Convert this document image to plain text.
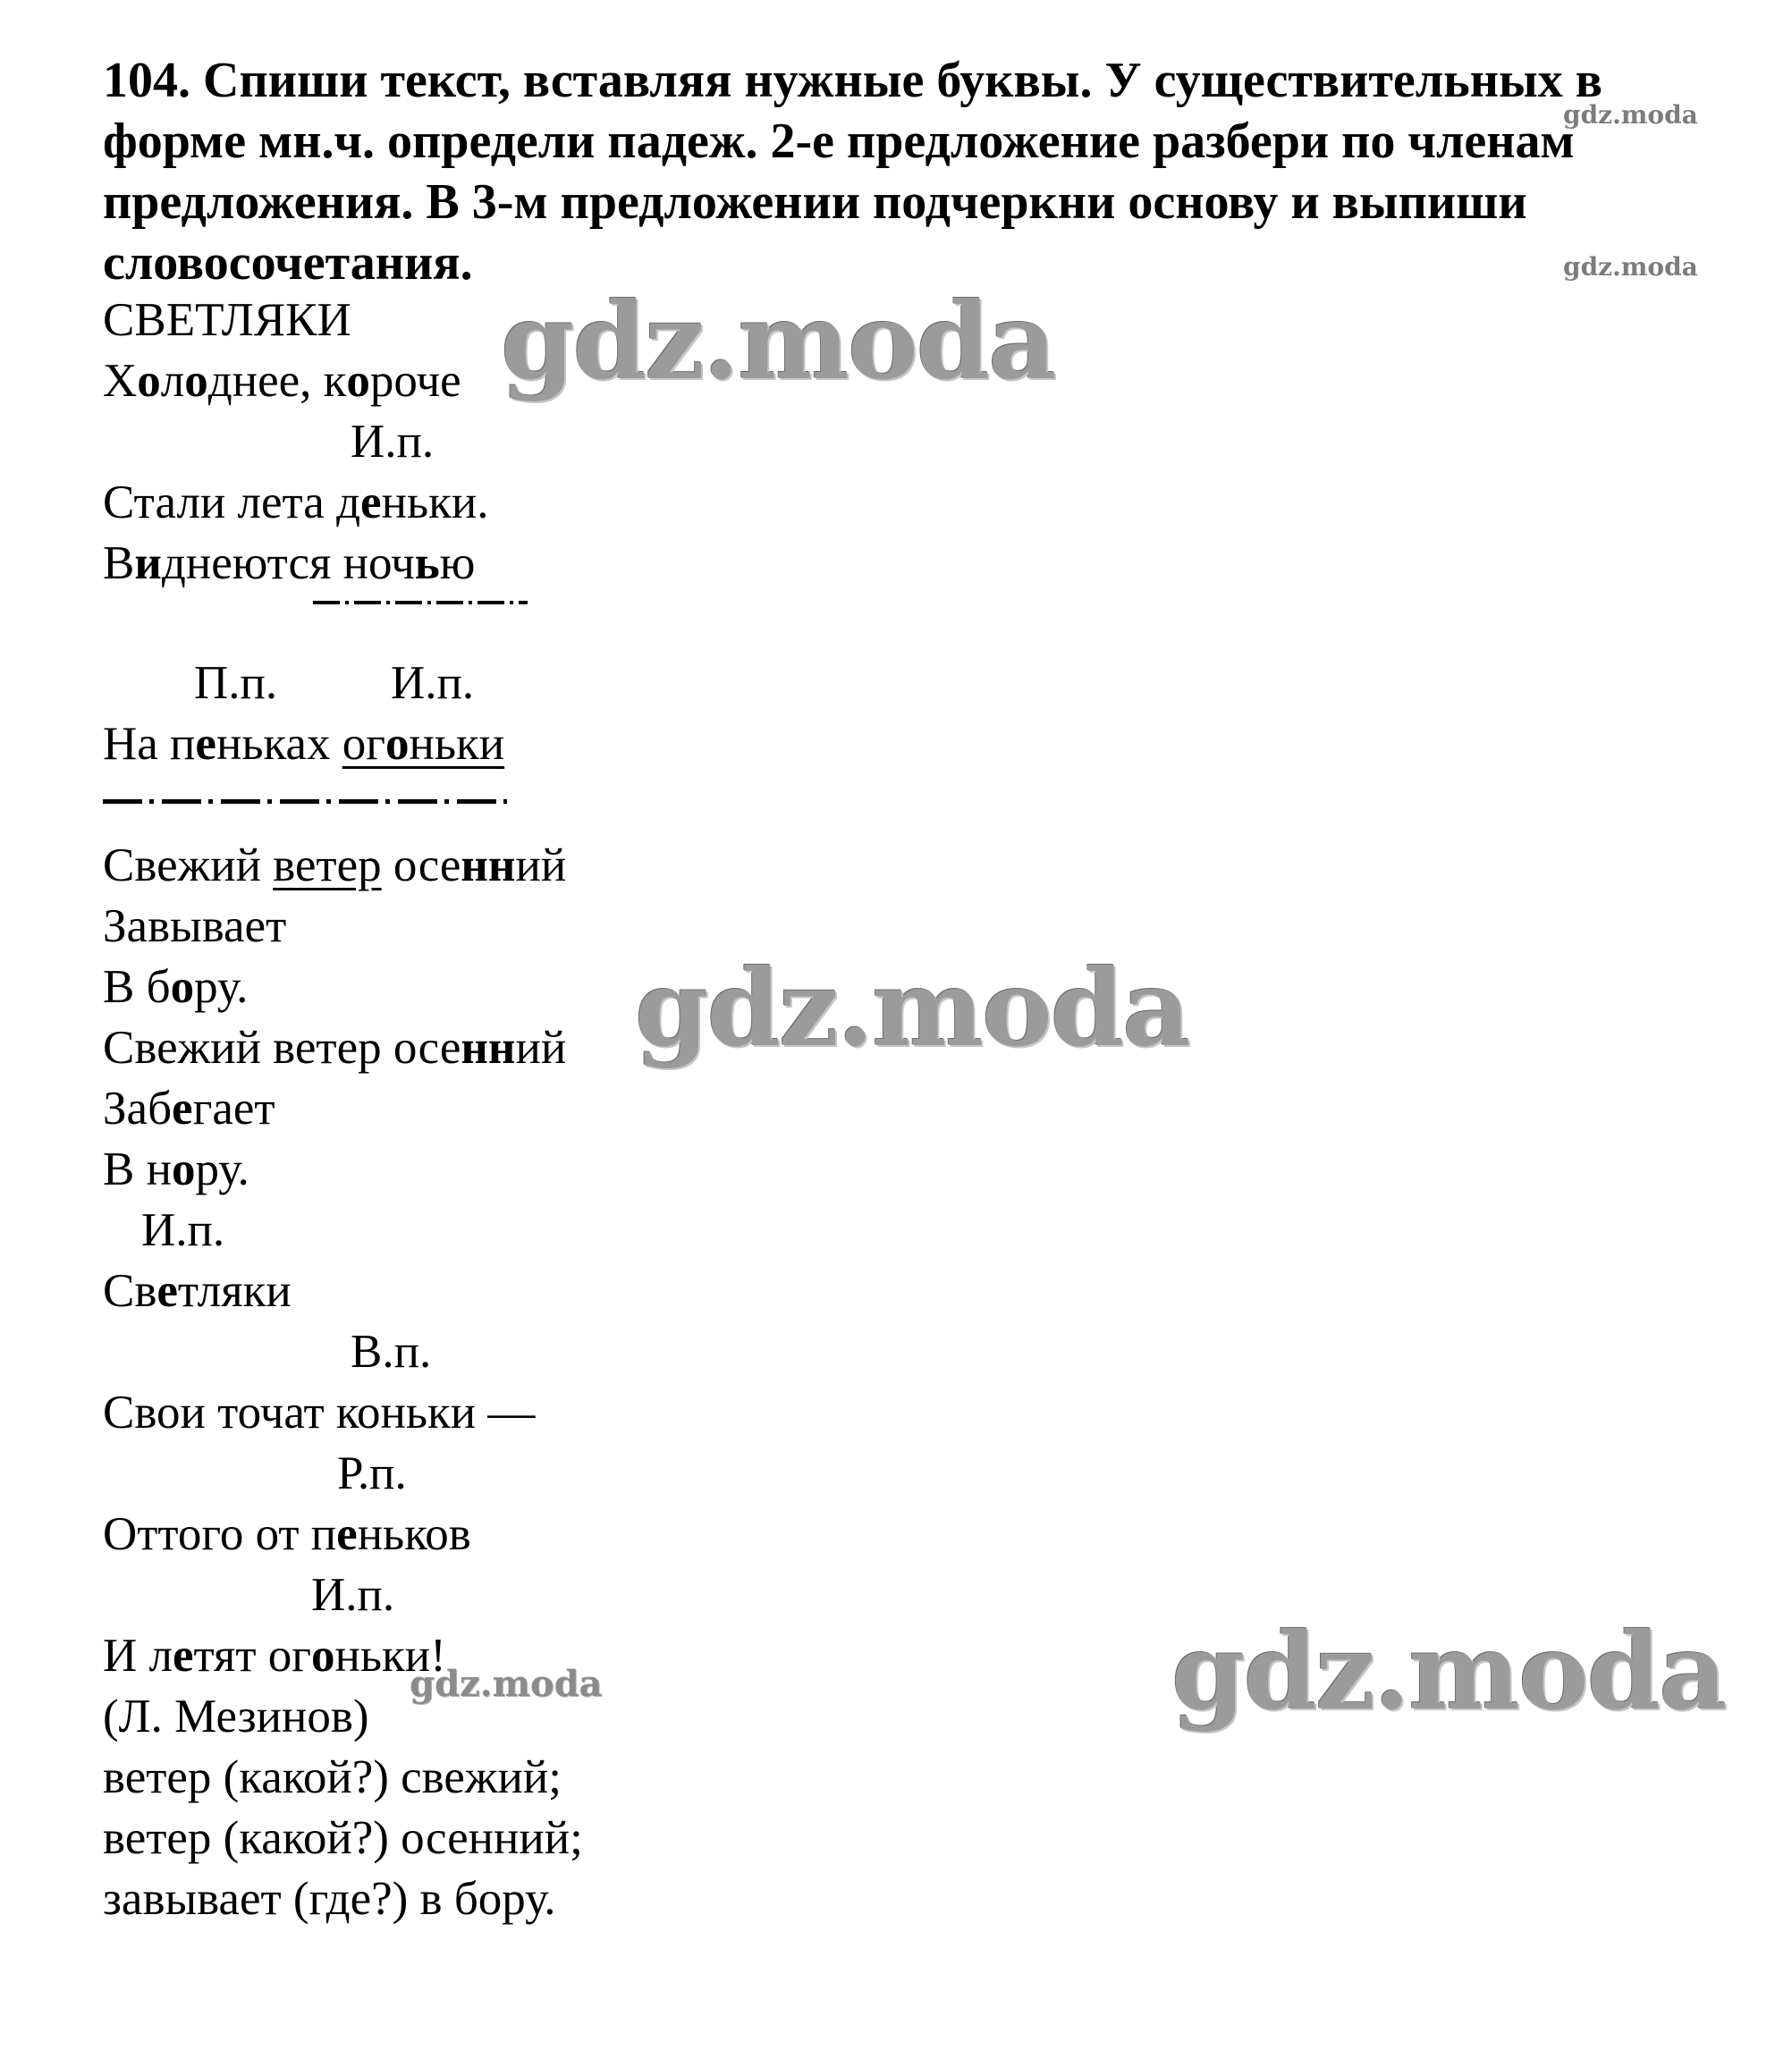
104. Спиши текст, вставляя нужные буквы. У существительных в форме мн.ч. определи падеж. 2-е предложение разбери по членам предложения. В 3-м предложении подчеркни основу и выпиши словосочетания.
СВЕТЛЯКИ
Холоднее, короче
И.п.
Стали лета деньки.
Виднеются ночью
П.п. И.п.
На пеньках огоньки
Свежий ветер осенний
Завывает
В бору.
Свежий ветер осенний
Забегает
В нору.
И.п.
Светляки
В.п.
Свои точат коньки —
Р.п.
Оттого от пеньков
И.п.
И летят огоньки!
(Л. Мезинов)
ветер (какой?) свежий;
ветер (какой?) осенний;
завывает (где?) в бору.
gdz.moda
gdz.moda
gdz.moda
gdz.moda
gdz.moda
gdz.moda
